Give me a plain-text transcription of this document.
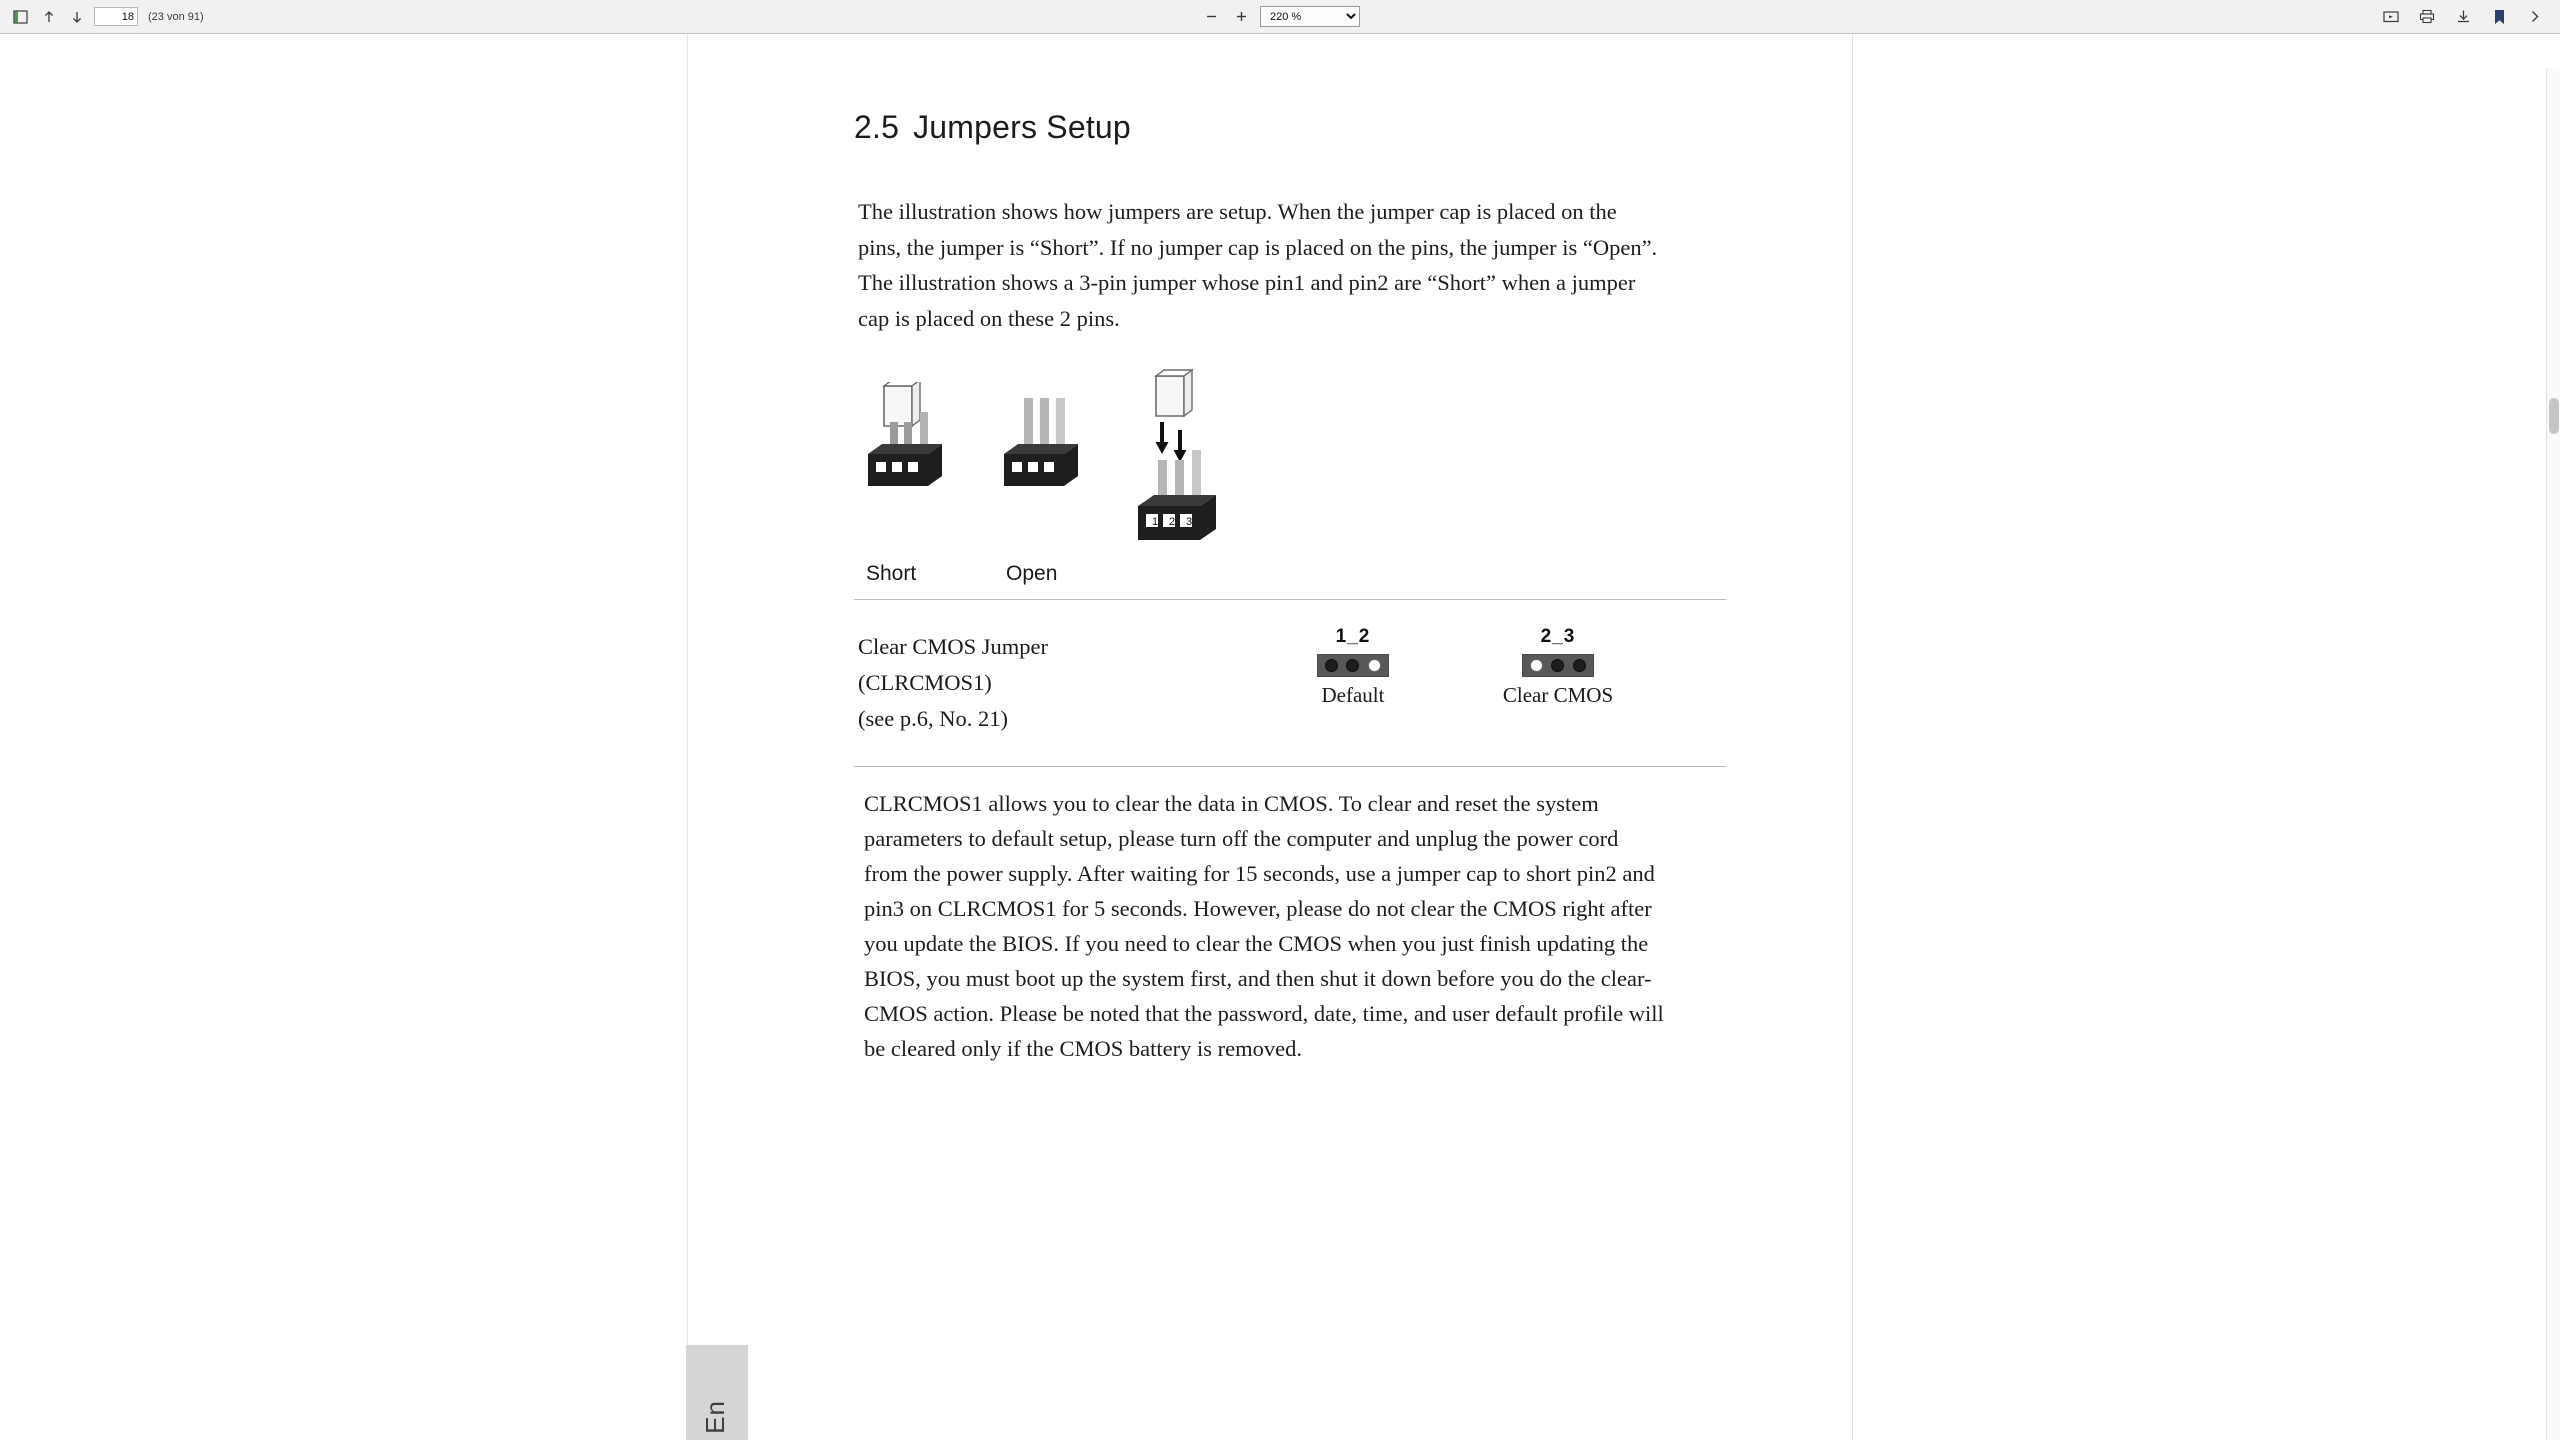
18
(23 von 91)
220 %
2.5 Jumpers Setup
The illustration shows how jumpers are setup. When the jumper cap is placed on the pins, the jumper is “Short”. If no jumper cap is placed on the pins, the jumper is “Open”. The illustration shows a 3-pin jumper whose pin1 and pin2 are “Short” when a jumper cap is placed on these 2 pins.
Short	Open
1 2 3
Clear CMOS Jumper
(CLRCMOS1)
(see p.6, No. 21)
1_2
Default
2_3
Clear CMOS
CLRCMOS1 allows you to clear the data in CMOS. To clear and reset the system parameters to default setup, please turn off the computer and unplug the power cord from the power supply. After waiting for 15 seconds, use a jumper cap to short pin2 and pin3 on CLRCMOS1 for 5 seconds. However, please do not clear the CMOS right after you update the BIOS. If you need to clear the CMOS when you just finish updating the BIOS, you must boot up the system first, and then shut it down before you do the clear-CMOS action. Please be noted that the password, date, time, and user default profile will be cleared only if the CMOS battery is removed.
En
